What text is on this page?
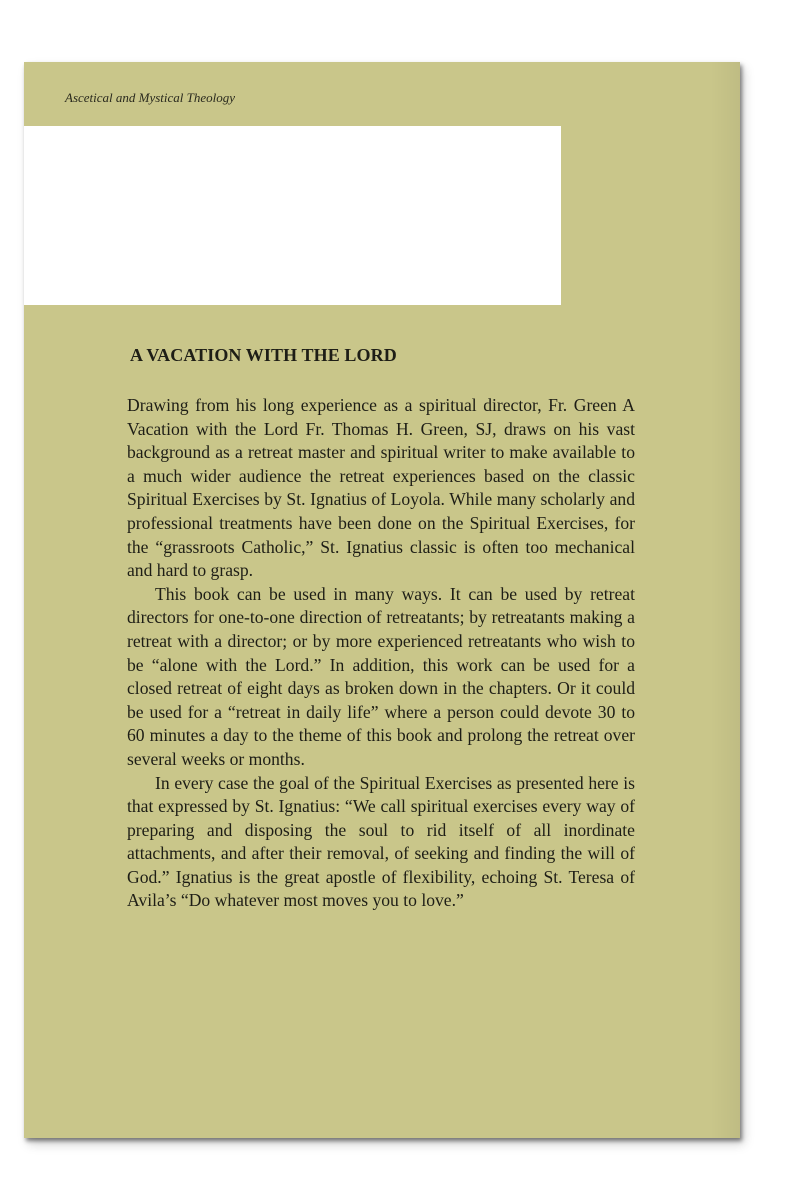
Ascetical and Mystical Theology
A VACATION WITH THE LORD

Drawing from his long experience as a spiritual director, Fr. Green A Vacation with the Lord Fr. Thomas H. Green, SJ, draws on his vast background as a retreat master and spiritual writer to make available to a much wider audience the retreat experiences based on the classic Spiritual Exercises by St. Ignatius of Loyola. While many scholarly and professional treatments have been done on the Spiritual Exercises, for the “grassroots Catholic,” St. Ignatius classic is often too mechanical and hard to grasp.

This book can be used in many ways. It can be used by retreat directors for one-to-one direction of retreatants; by retreatants making a retreat with a director; or by more experienced retreatants who wish to be “alone with the Lord.” In addition, this work can be used for a closed retreat of eight days as broken down in the chapters. Or it could be used for a “retreat in daily life” where a person could devote 30 to 60 minutes a day to the theme of this book and prolong the retreat over several weeks or months.

In every case the goal of the Spiritual Exercises as presented here is that expressed by St. Ignatius: “We call spiritual exercises every way of preparing and disposing the soul to rid itself of all inordinate attachments, and after their removal, of seeking and finding the will of God.” Ignatius is the great apostle of flexibility, echoing St. Teresa of Avila’s “Do whatever most moves you to love.”
